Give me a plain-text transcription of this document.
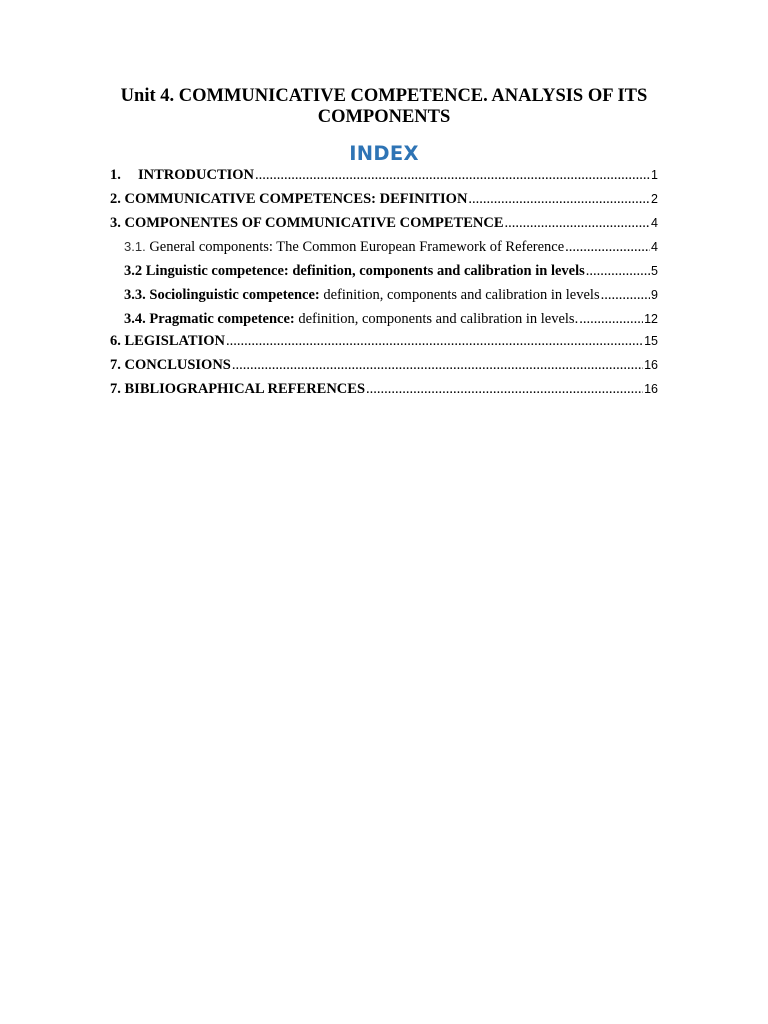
Unit 4. COMMUNICATIVE COMPETENCE. ANALYSIS OF ITS
COMPONENTS
INDEX
1. INTRODUCTION .....	1
2. COMMUNICATIVE COMPETENCES: DEFINITION .....	2
3. COMPONENTES OF COMMUNICATIVE COMPETENCE .....	4
3.1. General components: The Common European Framework of Reference .....	4
3.2 Linguistic competence: definition, components and calibration in levels .....	5
3.3. Sociolinguistic competence: definition, components and calibration in levels .....	9
3.4. Pragmatic competence: definition, components and calibration in levels. .....	12
6. LEGISLATION .....	15
7. CONCLUSIONS .....	16
7. BIBLIOGRAPHICAL REFERENCES .....	16
